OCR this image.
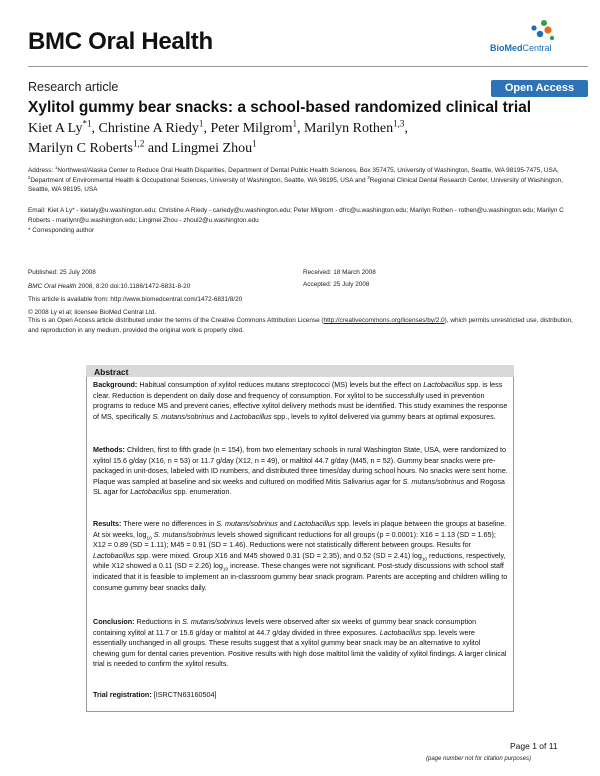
BMC Oral Health	BioMedCentral
Research article	Open Access
Xylitol gummy bear snacks: a school-based randomized clinical trial
Kiet A Ly$^{*1}$, Christine A Riedy$^1$, Peter Milgrom$^1$, Marilyn Rothen$^{1,3}$,
Marilyn C Roberts$^{1,2}$ and Lingmei Zhou$^1$
Address: $^1$Northwest/Alaska Center to Reduce Oral Health Disparities, Department of Dental Public Health Sciences, Box 357475, University of Washington, Seattle, WA 98195-7475, USA, $^2$Department of Environmental Health & Occupational Sciences, University of Washington, Seattle, WA 98195, USA and $^3$Regional Clinical Dental Research Center, University of Washington, Seattle, WA 98195, USA
Email: Kiet A Ly* - kietaly@u.washington.edu; Christine A Riedy - cariedy@u.washington.edu; Peter Milgrom - dfrc@u.washington.edu; Marilyn Rothen - rothen@u.washington.edu; Marilyn C Roberts - marilynr@u.washington.edu; Lingmei Zhou - zhoul2@u.washington.edu
* Corresponding author
Published: 25 July 2008	Received: 18 March 2008
BMC Oral Health 2008, 8:20 doi:10.1186/1472-6831-8-20	Accepted: 25 July 2008
This article is available from: http://www.biomedcentral.com/1472-6831/8/20
© 2008 Ly et al; licensee BioMed Central Ltd.
This is an Open Access article distributed under the terms of the Creative Commons Attribution License (http://creativecommons.org/licenses/by/2.0), which permits unrestricted use, distribution, and reproduction in any medium, provided the original work is properly cited.
Abstract
Background: Habitual consumption of xylitol reduces mutans streptococci (MS) levels but the effect on Lactobacillus spp. is less clear. Reduction is dependent on daily dose and frequency of consumption. For xylitol to be successfully used in prevention programs to reduce MS and prevent caries, effective xylitol delivery methods must be identified. This study examines the response of MS, specifically S. mutans/sobrinus and Lactobacillus spp., levels to xylitol delivered via gummy bears at optimal exposures.
Methods: Children, first to fifth grade (n = 154), from two elementary schools in rural Washington State, USA, were randomized to xylitol 15.6 g/day (X16, n = 53) or 11.7 g/day (X12, n = 49), or maltitol 44.7 g/day (M45, n = 52). Gummy bear snacks were pre-packaged in unit-doses, labeled with ID numbers, and distributed three times/day during school hours. No snacks were sent home. Plaque was sampled at baseline and six weeks and cultured on modified Mitis Salivarius agar for S. mutans/sobrinus and Rogosa SL agar for Lactobacillus spp. enumeration.
Results: There were no differences in S. mutans/sobrinus and Lactobacillus spp. levels in plaque between the groups at baseline. At six weeks, $\log_{10} S$. mutans/sobrinus levels showed significant reductions for all groups (p = 0.0001): X16 = 1.13 (SD = 1.65); X12 = 0.89 (SD = 1.11); M45 = 0.91 (SD = 1.46). Reductions were not statistically different between groups. Results for Lactobacillus spp. were mixed. Group X16 and M45 showed 0.31 (SD = 2.35), and 0.52 (SD = 2.41) $\log_{10}$ reductions, respectively, while X12 showed a 0.11 (SD = 2.26) $\log_{10}$ increase. These changes were not significant. Post-study discussions with school staff indicated that it is feasible to implement an in-classroom gummy bear snack program. Parents are accepting and children willing to consume gummy bear snacks daily.
Conclusion: Reductions in S. mutans/sobrinus levels were observed after six weeks of gummy bear snack consumption containing xylitol at 11.7 or 15.6 g/day or maltitol at 44.7 g/day divided in three exposures. Lactobacillus spp. levels were essentially unchanged in all groups. These results suggest that a xylitol gummy bear snack may be an alternative to xylitol chewing gum for dental caries prevention. Positive results with high dose maltitol limit the validity of xylitol findings. A larger clinical trial is needed to confirm the xylitol results.
Trial registration: [ISRCTN63160504]
Page 1 of 11
(page number not for citation purposes)
